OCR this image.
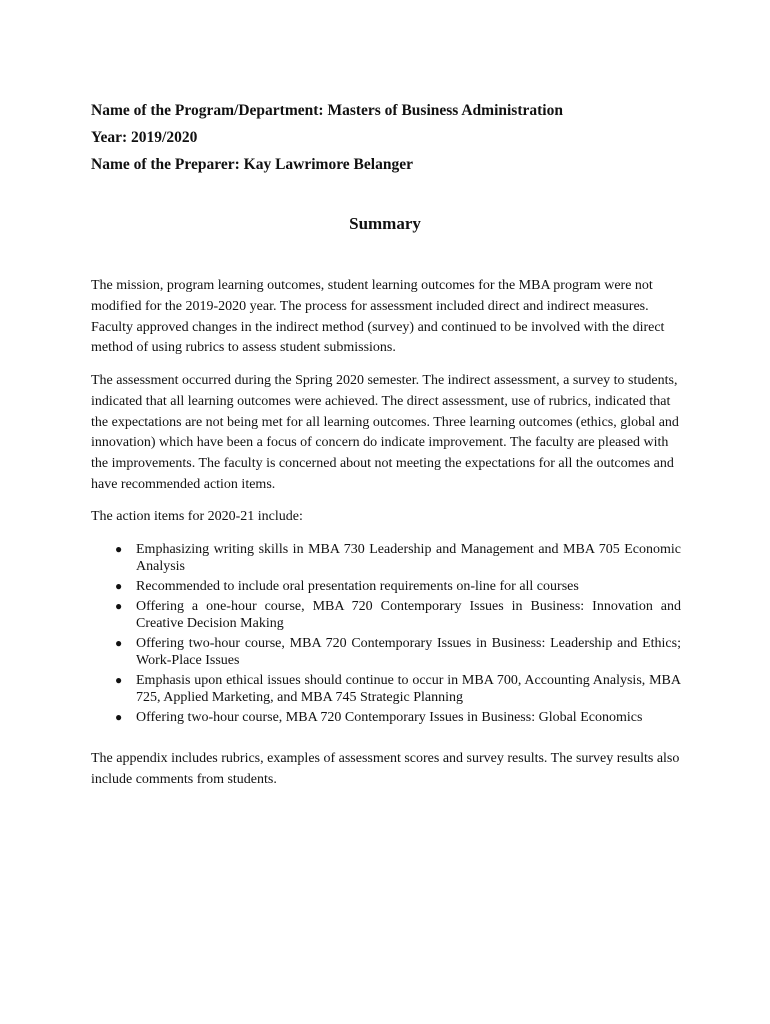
Name of the Program/Department: Masters of Business Administration

Year: 2019/2020

Name of the Preparer: Kay Lawrimore Belanger

Summary

The mission, program learning outcomes, student learning outcomes for the MBA program were not modified for the 2019-2020 year. The process for assessment included direct and indirect measures. Faculty approved changes in the indirect method (survey) and continued to be involved with the direct method of using rubrics to assess student submissions.

The assessment occurred during the Spring 2020 semester. The indirect assessment, a survey to students, indicated that all learning outcomes were achieved. The direct assessment, use of rubrics, indicated that the expectations are not being met for all learning outcomes. Three learning outcomes (ethics, global and innovation) which have been a focus of concern do indicate improvement. The faculty are pleased with the improvements. The faculty is concerned about not meeting the expectations for all the outcomes and have recommended action items.

The action items for 2020-21 include:

● Emphasizing writing skills in MBA 730 Leadership and Management and MBA 705 Economic Analysis
● Recommended to include oral presentation requirements on-line for all courses
● Offering a one-hour course, MBA 720 Contemporary Issues in Business: Innovation and Creative Decision Making
● Offering two-hour course, MBA 720 Contemporary Issues in Business: Leadership and Ethics; Work-Place Issues
● Emphasis upon ethical issues should continue to occur in MBA 700, Accounting Analysis, MBA 725, Applied Marketing, and MBA 745 Strategic Planning
● Offering two-hour course, MBA 720 Contemporary Issues in Business: Global Economics

The appendix includes rubrics, examples of assessment scores and survey results. The survey results also include comments from students.
